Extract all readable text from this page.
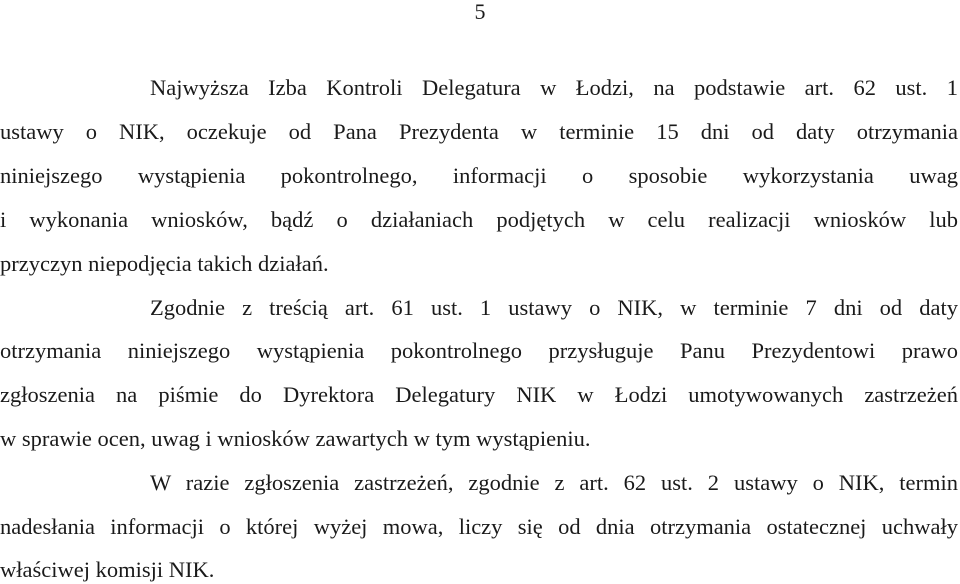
5
Najwyższa Izba Kontroli Delegatura w Łodzi, na podstawie art. 62 ust. 1
ustawy o NIK, oczekuje od Pana Prezydenta w terminie 15 dni od daty otrzymania
niniejszego wystąpienia pokontrolnego, informacji o sposobie wykorzystania uwag
i wykonania wniosków, bądź o działaniach podjętych w celu realizacji wniosków lub
przyczyn niepodjęcia takich działań.
Zgodnie z treścią art. 61 ust. 1 ustawy o NIK, w terminie 7 dni od daty
otrzymania niniejszego wystąpienia pokontrolnego przysługuje Panu Prezydentowi prawo
zgłoszenia na piśmie do Dyrektora Delegatury NIK w Łodzi umotywowanych zastrzeżeń
w sprawie ocen, uwag i wniosków zawartych w tym wystąpieniu.
W razie zgłoszenia zastrzeżeń, zgodnie z art. 62 ust. 2 ustawy o NIK, termin
nadesłania informacji o której wyżej mowa, liczy się od dnia otrzymania ostatecznej uchwały
właściwej komisji NIK.
